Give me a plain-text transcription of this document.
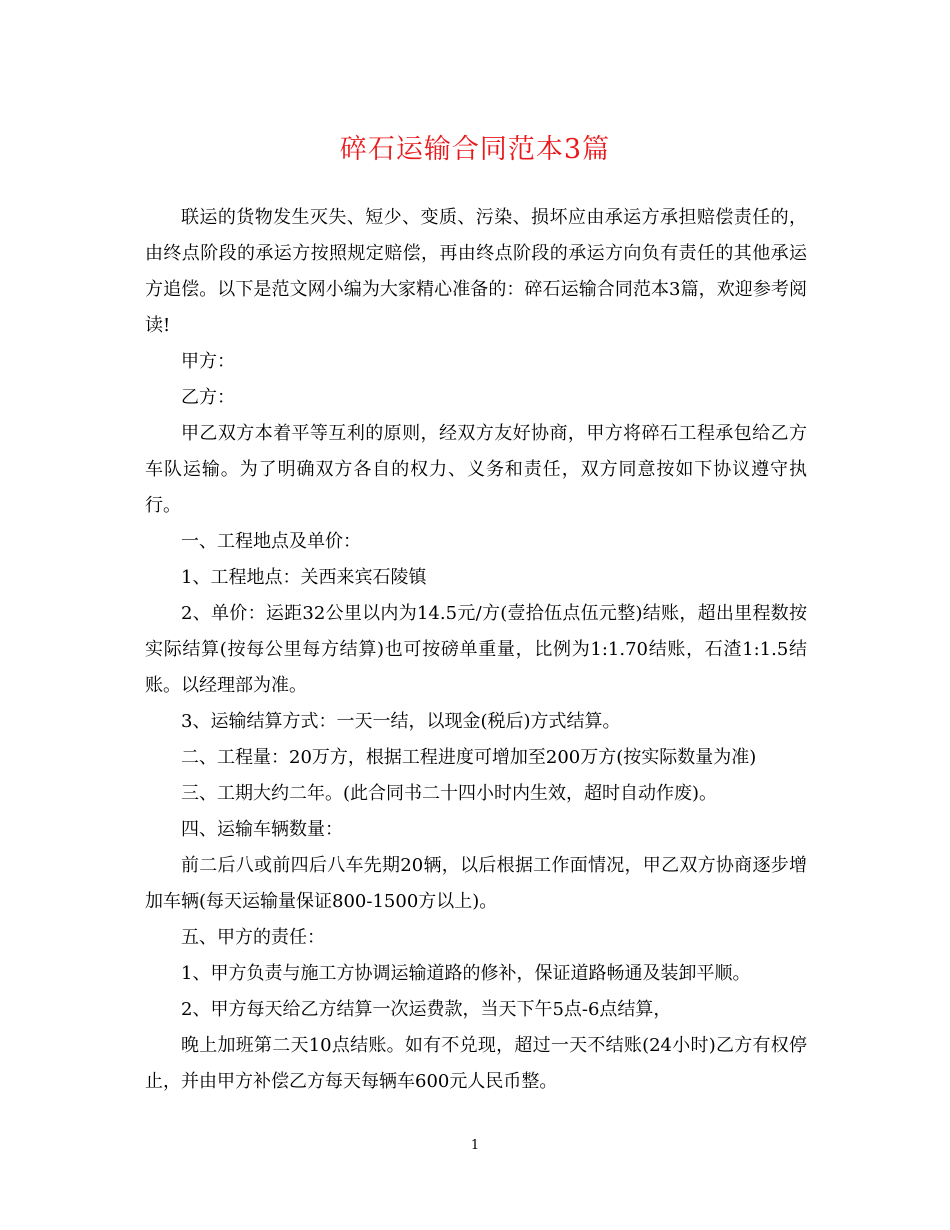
碎石运输合同范本3篇

联运的货物发生灭失、短少、变质、污染、损坏应由承运方承担赔偿责任的，由终点阶段的承运方按照规定赔偿，再由终点阶段的承运方向负有责任的其他承运方追偿。以下是范文网小编为大家精心准备的：碎石运输合同范本3篇，欢迎参考阅读!

甲方：

乙方：

甲乙双方本着平等互利的原则，经双方友好协商，甲方将碎石工程承包给乙方车队运输。为了明确双方各自的权力、义务和责任，双方同意按如下协议遵守执行。

一、工程地点及单价：

1、工程地点：关西来宾石陵镇

2、单价：运距32公里以内为14.5元/方(壹拾伍点伍元整)结账，超出里程数按实际结算(按每公里每方结算)也可按磅单重量，比例为1:1.70结账，石渣1:1.5结账。以经理部为准。

3、运输结算方式：一天一结，以现金(税后)方式结算。

二、工程量：20万方，根据工程进度可增加至200万方(按实际数量为准)

三、工期大约二年。(此合同书二十四小时内生效，超时自动作废)。

四、运输车辆数量：

前二后八或前四后八车先期20辆，以后根据工作面情况，甲乙双方协商逐步增加车辆(每天运输量保证800-1500方以上)。

五、甲方的责任：

1、甲方负责与施工方协调运输道路的修补，保证道路畅通及装卸平顺。

2、甲方每天给乙方结算一次运费款，当天下午5点-6点结算，

晚上加班第二天10点结账。如有不兑现，超过一天不结账(24小时)乙方有权停止，并由甲方补偿乙方每天每辆车600元人民币整。

1
